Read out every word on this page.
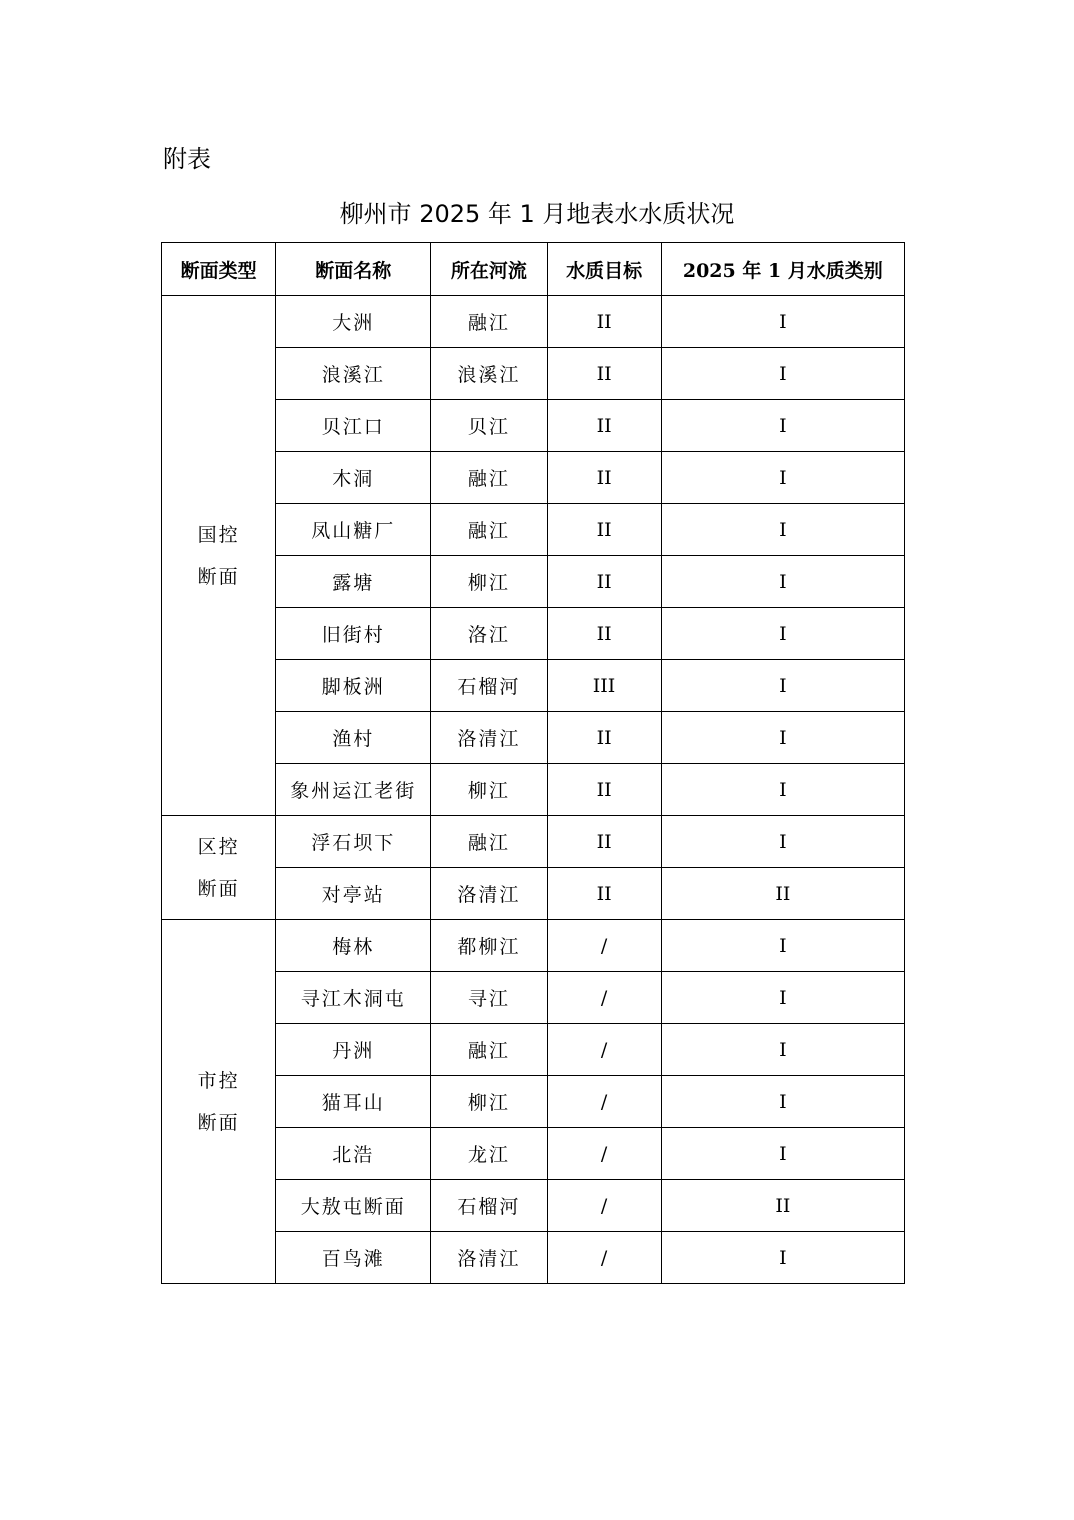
附表
柳州市 2025 年 1 月地表水水质状况
断面类型	断面名称	所在河流	水质目标	2025 年 1 月水质类别

国控
断面	大洲	融江	II	I
	浪溪江	浪溪江	II	I
	贝江口	贝江	II	I
	木洞	融江	II	I
	凤山糖厂	融江	II	I
	露塘	柳江	II	I
	旧街村	洛江	II	I
	脚板洲	石榴河	III	I
	渔村	洛清江	II	I
	象州运江老街	柳江	II	I

区控
断面	浮石坝下	融江	II	I
	对亭站	洛清江	II	II

市控
断面	梅林	都柳江	/	I
	寻江木洞屯	寻江	/	I
	丹洲	融江	/	I
	猫耳山	柳江	/	I
	北浩	龙江	/	I
	大敖屯断面	石榴河	/	II
	百鸟滩	洛清江	/	I
